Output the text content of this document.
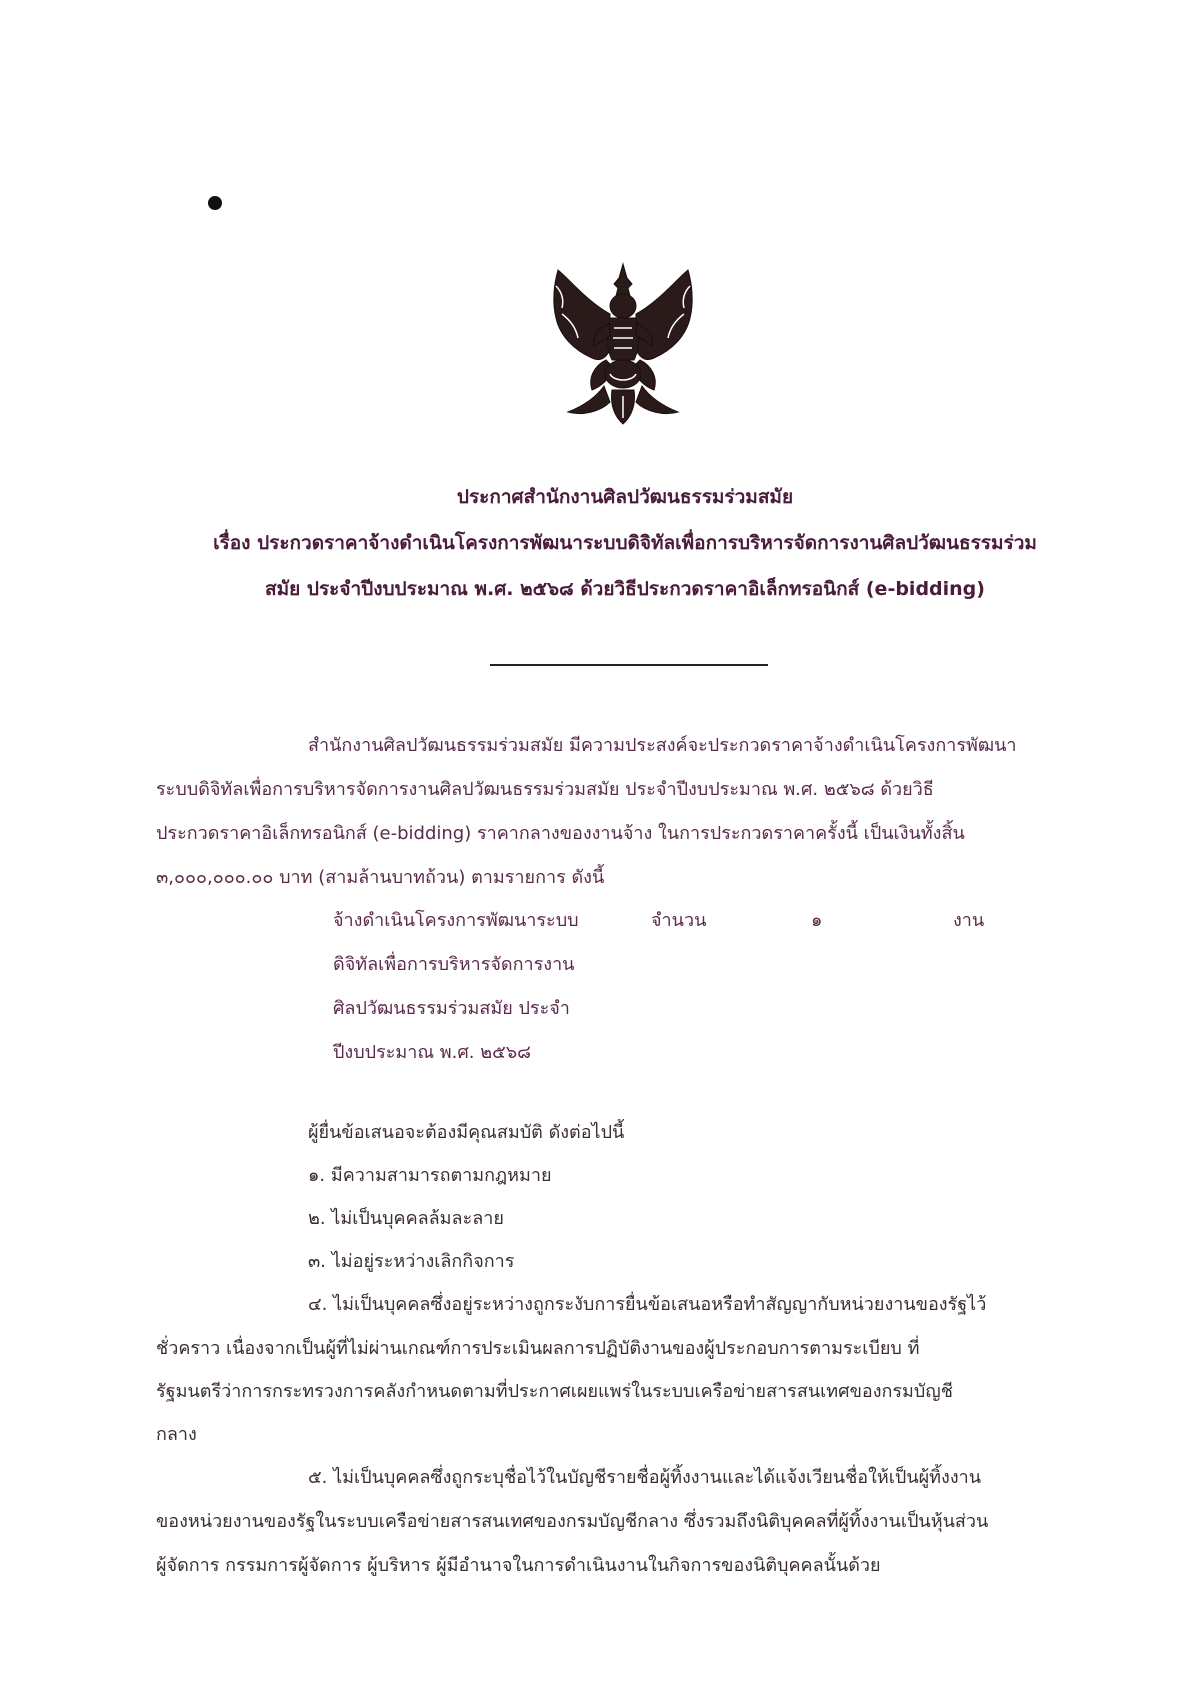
ประกาศสำนักงานศิลปวัฒนธรรมร่วมสมัย
เรื่อง ประกวดราคาจ้างดำเนินโครงการพัฒนาระบบดิจิทัลเพื่อการบริหารจัดการงานศิลปวัฒนธรรมร่วม
สมัย ประจำปีงบประมาณ พ.ศ. ๒๕๖๘ ด้วยวิธีประกวดราคาอิเล็กทรอนิกส์ (e-bidding)
สำนักงานศิลปวัฒนธรรมร่วมสมัย มีความประสงค์จะประกวดราคาจ้างดำเนินโครงการพัฒนา
ระบบดิจิทัลเพื่อการบริหารจัดการงานศิลปวัฒนธรรมร่วมสมัย ประจำปีงบประมาณ พ.ศ. ๒๕๖๘ ด้วยวิธี
ประกวดราคาอิเล็กทรอนิกส์ (e-bidding) ราคากลางของงานจ้าง ในการประกวดราคาครั้งนี้ เป็นเงินทั้งสิ้น
๓,๐๐๐,๐๐๐.๐๐ บาท (สามล้านบาทถ้วน) ตามรายการ ดังนี้
จ้างดำเนินโครงการพัฒนาระบบ	จำนวน	๑	งาน
ดิจิทัลเพื่อการบริหารจัดการงาน
ศิลปวัฒนธรรมร่วมสมัย ประจำ
ปีงบประมาณ พ.ศ. ๒๕๖๘
ผู้ยื่นข้อเสนอจะต้องมีคุณสมบัติ ดังต่อไปนี้
๑. มีความสามารถตามกฎหมาย
๒. ไม่เป็นบุคคลล้มละลาย
๓. ไม่อยู่ระหว่างเลิกกิจการ
๔. ไม่เป็นบุคคลซึ่งอยู่ระหว่างถูกระงับการยื่นข้อเสนอหรือทำสัญญากับหน่วยงานของรัฐไว้
ชั่วคราว เนื่องจากเป็นผู้ที่ไม่ผ่านเกณฑ์การประเมินผลการปฏิบัติงานของผู้ประกอบการตามระเบียบ ที่
รัฐมนตรีว่าการกระทรวงการคลังกำหนดตามที่ประกาศเผยแพร่ในระบบเครือข่ายสารสนเทศของกรมบัญชี
กลาง
๕. ไม่เป็นบุคคลซึ่งถูกระบุชื่อไว้ในบัญชีรายชื่อผู้ทิ้งงานและได้แจ้งเวียนชื่อให้เป็นผู้ทิ้งงาน
ของหน่วยงานของรัฐในระบบเครือข่ายสารสนเทศของกรมบัญชีกลาง ซึ่งรวมถึงนิติบุคคลที่ผู้ทิ้งงานเป็นหุ้นส่วน
ผู้จัดการ กรรมการผู้จัดการ ผู้บริหาร ผู้มีอำนาจในการดำเนินงานในกิจการของนิติบุคคลนั้นด้วย
